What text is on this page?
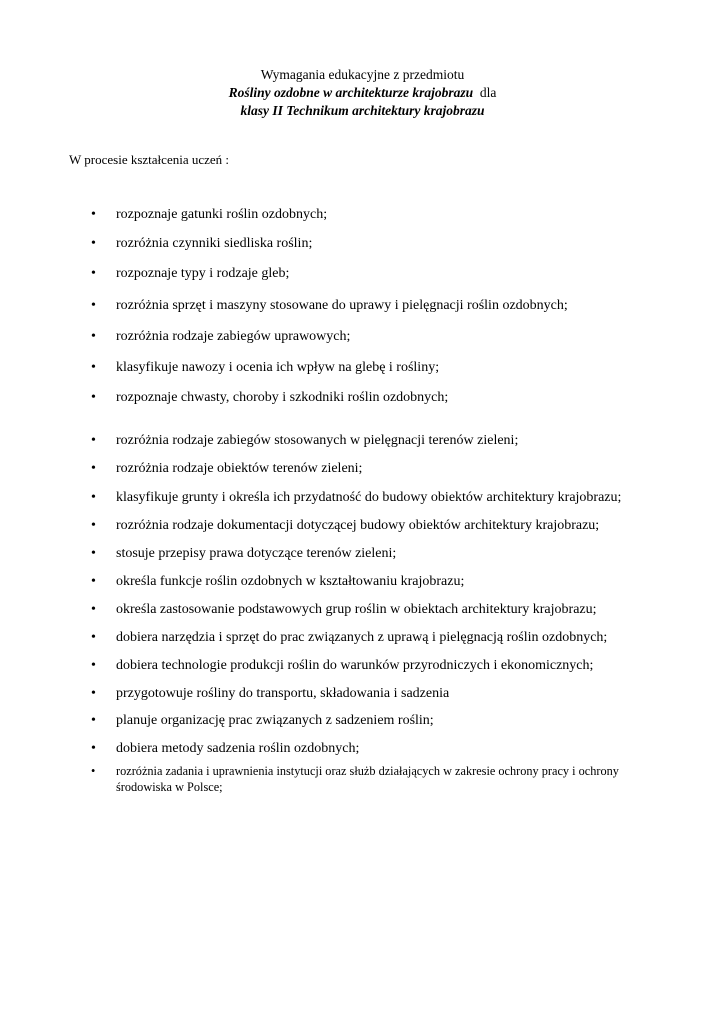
Wymagania edukacyjne z przedmiotu
Rośliny ozdobne w architekturze krajobrazu dla
klasy II Technikum architektury krajobrazu
W procesie kształcenia uczeń :
•	rozpoznaje gatunki roślin ozdobnych;
•	rozróżnia czynniki siedliska roślin;
•	rozpoznaje typy i rodzaje gleb;
•	rozróżnia sprzęt i maszyny stosowane do uprawy i pielęgnacji roślin ozdobnych;
•	rozróżnia rodzaje zabiegów uprawowych;
•	klasyfikuje nawozy i ocenia ich wpływ na glebę i rośliny;
•	rozpoznaje chwasty, choroby i szkodniki roślin ozdobnych;
•	rozróżnia rodzaje zabiegów stosowanych w pielęgnacji terenów zieleni;
•	rozróżnia rodzaje obiektów terenów zieleni;
•	klasyfikuje grunty i określa ich przydatność do budowy obiektów architektury krajobrazu;
•	rozróżnia rodzaje dokumentacji dotyczącej budowy obiektów architektury krajobrazu;
•	stosuje przepisy prawa dotyczące terenów zieleni;
•	określa funkcje roślin ozdobnych w kształtowaniu krajobrazu;
•	określa zastosowanie podstawowych grup roślin w obiektach architektury krajobrazu;
•	dobiera narzędzia i sprzęt do prac związanych z uprawą i pielęgnacją roślin ozdobnych;
•	dobiera technologie produkcji roślin do warunków przyrodniczych i ekonomicznych;
•	przygotowuje rośliny do transportu, składowania i sadzenia
•	planuje organizację prac związanych z sadzeniem roślin;
•	dobiera metody sadzenia roślin ozdobnych;
•	rozróżnia zadania i uprawnienia instytucji oraz służb działających w zakresie ochrony pracy i ochrony środowiska w Polsce;
